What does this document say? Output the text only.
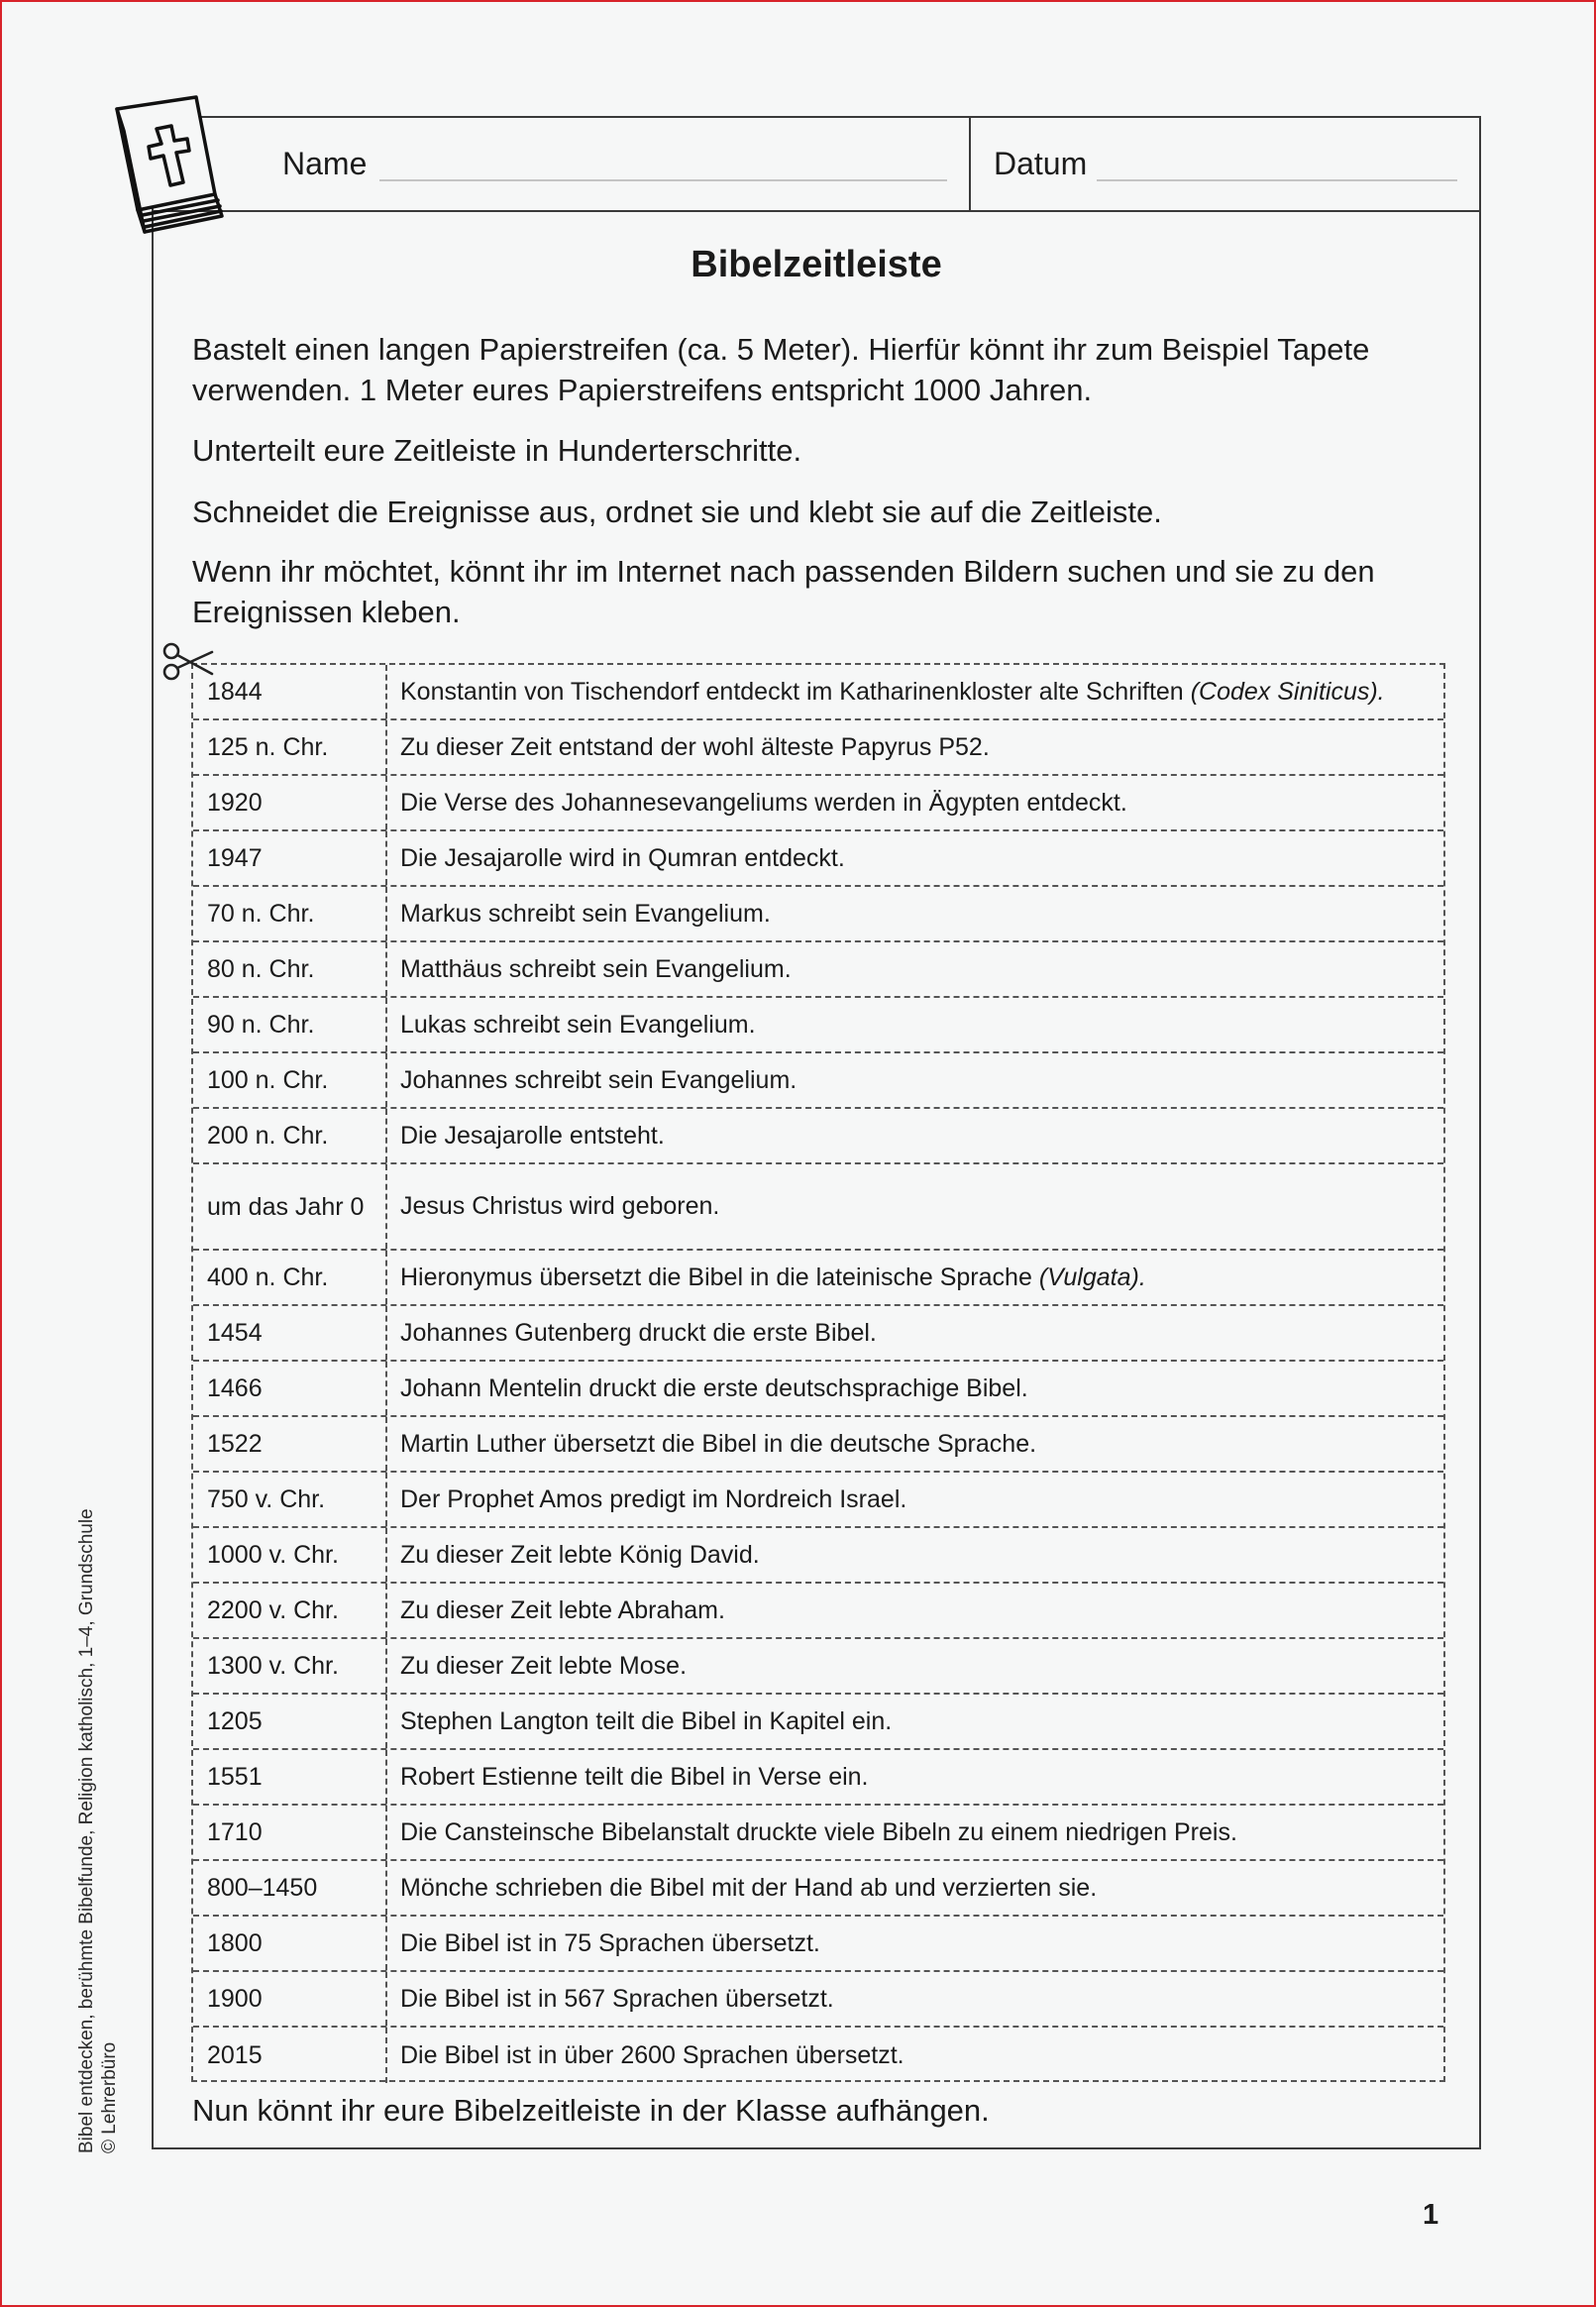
Name	Datum
Bibelzeitleiste
Bastelt einen langen Papierstreifen (ca. 5 Meter). Hierfür könnt ihr zum Beispiel Tapete verwenden. 1 Meter eures Papierstreifens entspricht 1000 Jahren.
Unterteilt eure Zeitleiste in Hunderterschritte.
Schneidet die Ereignisse aus, ordnet sie und klebt sie auf die Zeitleiste.
Wenn ihr möchtet, könnt ihr im Internet nach passenden Bildern suchen und sie zu den Ereignissen kleben.
1844	Konstantin von Tischendorf entdeckt im Katharinenkloster alte Schriften (Codex Siniticus).
125 n. Chr.	Zu dieser Zeit entstand der wohl älteste Papyrus P52.
1920	Die Verse des Johannesevangeliums werden in Ägypten entdeckt.
1947	Die Jesajarolle wird in Qumran entdeckt.
70 n. Chr.	Markus schreibt sein Evangelium.
80 n. Chr.	Matthäus schreibt sein Evangelium.
90 n. Chr.	Lukas schreibt sein Evangelium.
100 n. Chr.	Johannes schreibt sein Evangelium.
200 n. Chr.	Die Jesajarolle entsteht.
um das Jahr 0	Jesus Christus wird geboren.
400 n. Chr.	Hieronymus übersetzt die Bibel in die lateinische Sprache (Vulgata).
1454	Johannes Gutenberg druckt die erste Bibel.
1466	Johann Mentelin druckt die erste deutschsprachige Bibel.
1522	Martin Luther übersetzt die Bibel in die deutsche Sprache.
750 v. Chr.	Der Prophet Amos predigt im Nordreich Israel.
1000 v. Chr.	Zu dieser Zeit lebte König David.
2200 v. Chr.	Zu dieser Zeit lebte Abraham.
1300 v. Chr.	Zu dieser Zeit lebte Mose.
1205	Stephen Langton teilt die Bibel in Kapitel ein.
1551	Robert Estienne teilt die Bibel in Verse ein.
1710	Die Cansteinsche Bibelanstalt druckte viele Bibeln zu einem niedrigen Preis.
800–1450	Mönche schrieben die Bibel mit der Hand ab und verzierten sie.
1800	Die Bibel ist in 75 Sprachen übersetzt.
1900	Die Bibel ist in 567 Sprachen übersetzt.
2015	Die Bibel ist in über 2600 Sprachen übersetzt.
Nun könnt ihr eure Bibelzeitleiste in der Klasse aufhängen.
Bibel entdecken, berühmte Bibelfunde, Religion katholisch, 1–4, Grundschule © Lehrerbüro
1
